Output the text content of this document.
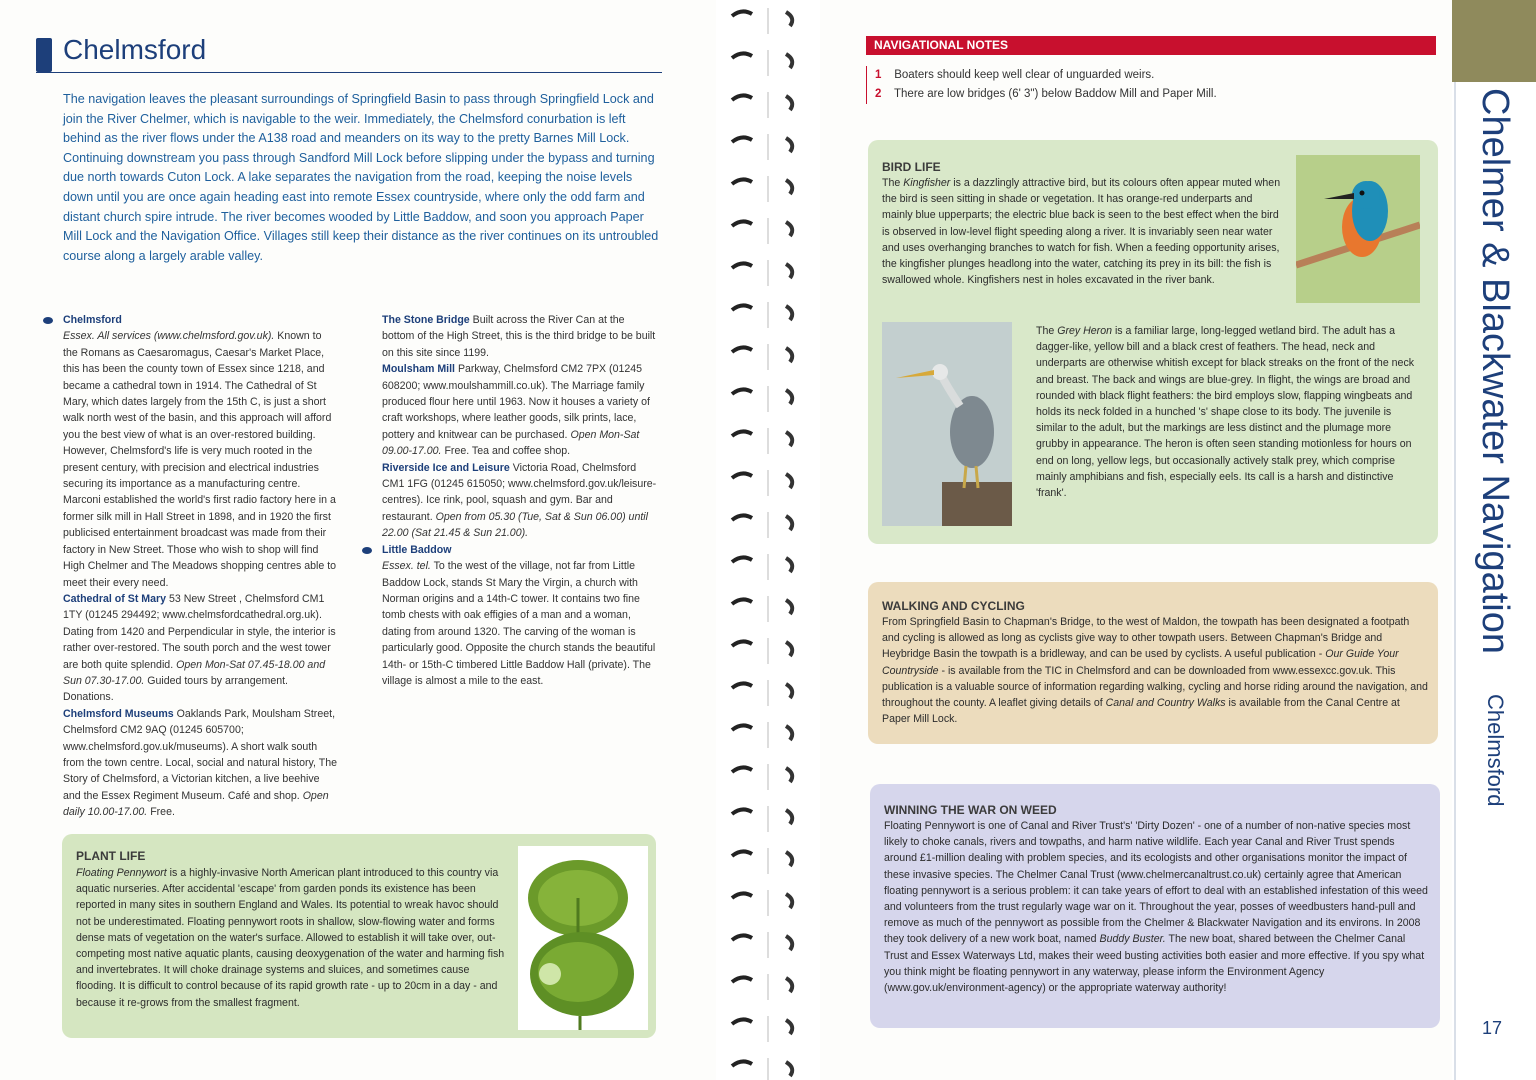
Chelmsford
The navigation leaves the pleasant surroundings of Springfield Basin to pass through Springfield Lock and join the River Chelmer, which is navigable to the weir. Immediately, the Chelmsford conurbation is left behind as the river flows under the A138 road and meanders on its way to the pretty Barnes Mill Lock. Continuing downstream you pass through Sandford Mill Lock before slipping under the bypass and turning due north towards Cuton Lock. A lake separates the navigation from the road, keeping the noise levels down until you are once again heading east into remote Essex countryside, where only the odd farm and distant church spire intrude. The river becomes wooded by Little Baddow, and soon you approach Paper Mill Lock and the Navigation Office. Villages still keep their distance as the river continues on its untroubled course along a largely arable valley.

Chelmsford

Essex. All services (www.chelmsford.gov.uk). Known to the Romans as Caesaromagus, Caesar's Market Place, this has been the county town of Essex since 1218, and became a cathedral town in 1914. The Cathedral of St Mary, which dates largely from the 15th C, is just a short walk north west of the basin, and this approach will afford you the best view of what is an over-restored building. However, Chelmsford's life is very much rooted in the present century, with precision and electrical industries securing its importance as a manufacturing centre. Marconi established the world's first radio factory here in a former silk mill in Hall Street in 1898, and in 1920 the first publicised entertainment broadcast was made from their factory in New Street. Those who wish to shop will find High Chelmer and The Meadows shopping centres able to meet their every need.

Cathedral of St Mary 53 New Street , Chelmsford CM1 1TY (01245 294492; www.chelmsfordcathedral.org.uk). Dating from 1420 and Perpendicular in style, the interior is rather over-restored. The south porch and the west tower are both quite splendid. Open Mon-Sat 07.45-18.00 and Sun 07.30-17.00. Guided tours by arrangement. Donations.

Chelmsford Museums Oaklands Park, Moulsham Street, Chelmsford CM2 9AQ (01245 605700; www.chelmsford.gov.uk/museums). A short walk south from the town centre. Local, social and natural history, The Story of Chelmsford, a Victorian kitchen, a live beehive and the Essex Regiment Museum. Café and shop. Open daily 10.00-17.00. Free.

The Stone Bridge Built across the River Can at the bottom of the High Street, this is the third bridge to be built on this site since 1199.

Moulsham Mill Parkway, Chelmsford CM2 7PX (01245 608200; www.moulshammill.co.uk). The Marriage family produced flour here until 1963. Now it houses a variety of craft workshops, where leather goods, silk prints, lace, pottery and knitwear can be purchased. Open Mon-Sat 09.00-17.00. Free. Tea and coffee shop.

Riverside Ice and Leisure Victoria Road, Chelmsford CM1 1FG (01245 615050; www.chelmsford.gov.uk/leisure-centres). Ice rink, pool, squash and gym. Bar and restaurant. Open from 05.30 (Tue, Sat & Sun 06.00) until 22.00 (Sat 21.45 & Sun 21.00).

Little Baddow

Essex. tel. To the west of the village, not far from Little Baddow Lock, stands St Mary the Virgin, a church with Norman origins and a 14th-C tower. It contains two fine tomb chests with oak effigies of a man and a woman, dating from around 1320. The carving of the woman is particularly good. Opposite the church stands the beautiful 14th- or 15th-C timbered Little Baddow Hall (private). The village is almost a mile to the east.

PLANT LIFE
Floating Pennywort is a highly-invasive North American plant introduced to this country via aquatic nurseries. After accidental 'escape' from garden ponds its existence has been reported in many sites in southern England and Wales. Its potential to wreak havoc should not be underestimated. Floating pennywort roots in shallow, slow-flowing water and forms dense mats of vegetation on the water's surface. Allowed to establish it will take over, out-competing most native aquatic plants, causing deoxygenation of the water and harming fish and invertebrates. It will choke drainage systems and sluices, and sometimes cause flooding. It is difficult to control because of its rapid growth rate - up to 20cm in a day - and because it re-grows from the smallest fragment.
NAVIGATIONAL NOTES
1 Boaters should keep well clear of unguarded weirs.
2 There are low bridges (6' 3") below Baddow Mill and Paper Mill.
BIRD LIFE
The Kingfisher is a dazzlingly attractive bird, but its colours often appear muted when the bird is seen sitting in shade or vegetation. It has orange-red underparts and mainly blue upperparts; the electric blue back is seen to the best effect when the bird is observed in low-level flight speeding along a river. It is invariably seen near water and uses overhanging branches to watch for fish. When a feeding opportunity arises, the kingfisher plunges headlong into the water, catching its prey in its bill: the fish is swallowed whole. Kingfishers nest in holes excavated in the river bank.
The Grey Heron is a familiar large, long-legged wetland bird. The adult has a dagger-like, yellow bill and a black crest of feathers. The head, neck and underparts are otherwise whitish except for black streaks on the front of the neck and breast. The back and wings are blue-grey. In flight, the wings are broad and rounded with black flight feathers: the bird employs slow, flapping wingbeats and holds its neck folded in a hunched 's' shape close to its body. The juvenile is similar to the adult, but the markings are less distinct and the plumage more grubby in appearance. The heron is often seen standing motionless for hours on end on long, yellow legs, but occasionally actively stalk prey, which comprise mainly amphibians and fish, especially eels. Its call is a harsh and distinctive 'frank'.
WALKING AND CYCLING
From Springfield Basin to Chapman's Bridge, to the west of Maldon, the towpath has been designated a footpath and cycling is allowed as long as cyclists give way to other towpath users. Between Chapman's Bridge and Heybridge Basin the towpath is a bridleway, and can be used by cyclists. A useful publication - Our Guide Your Countryside - is available from the TIC in Chelmsford and can be downloaded from www.essexcc.gov.uk. This publication is a valuable source of information regarding walking, cycling and horse riding around the navigation, and throughout the county. A leaflet giving details of Canal and Country Walks is available from the Canal Centre at Paper Mill Lock.
WINNING THE WAR ON WEED
Floating Pennywort is one of Canal and River Trust's' 'Dirty Dozen' - one of a number of non-native species most likely to choke canals, rivers and towpaths, and harm native wildlife. Each year Canal and River Trust spends around £1-million dealing with problem species, and its ecologists and other organisations monitor the impact of these invasive species. The Chelmer Canal Trust (www.chelmercanaltrust.co.uk) certainly agree that American floating pennywort is a serious problem: it can take years of effort to deal with an established infestation of this weed and volunteers from the trust regularly wage war on it. Throughout the year, posses of weedbusters hand-pull and remove as much of the pennywort as possible from the Chelmer & Blackwater Navigation and its environs. In 2008 they took delivery of a new work boat, named Buddy Buster. The new boat, shared between the Chelmer Canal Trust and Essex Waterways Ltd, makes their weed busting activities both easier and more effective. If you spy what you think might be floating pennywort in any waterway, please inform the Environment Agency (www.gov.uk/environment-agency) or the appropriate waterway authority!
Chelmer & Blackwater Navigation
Chelmsford
17
